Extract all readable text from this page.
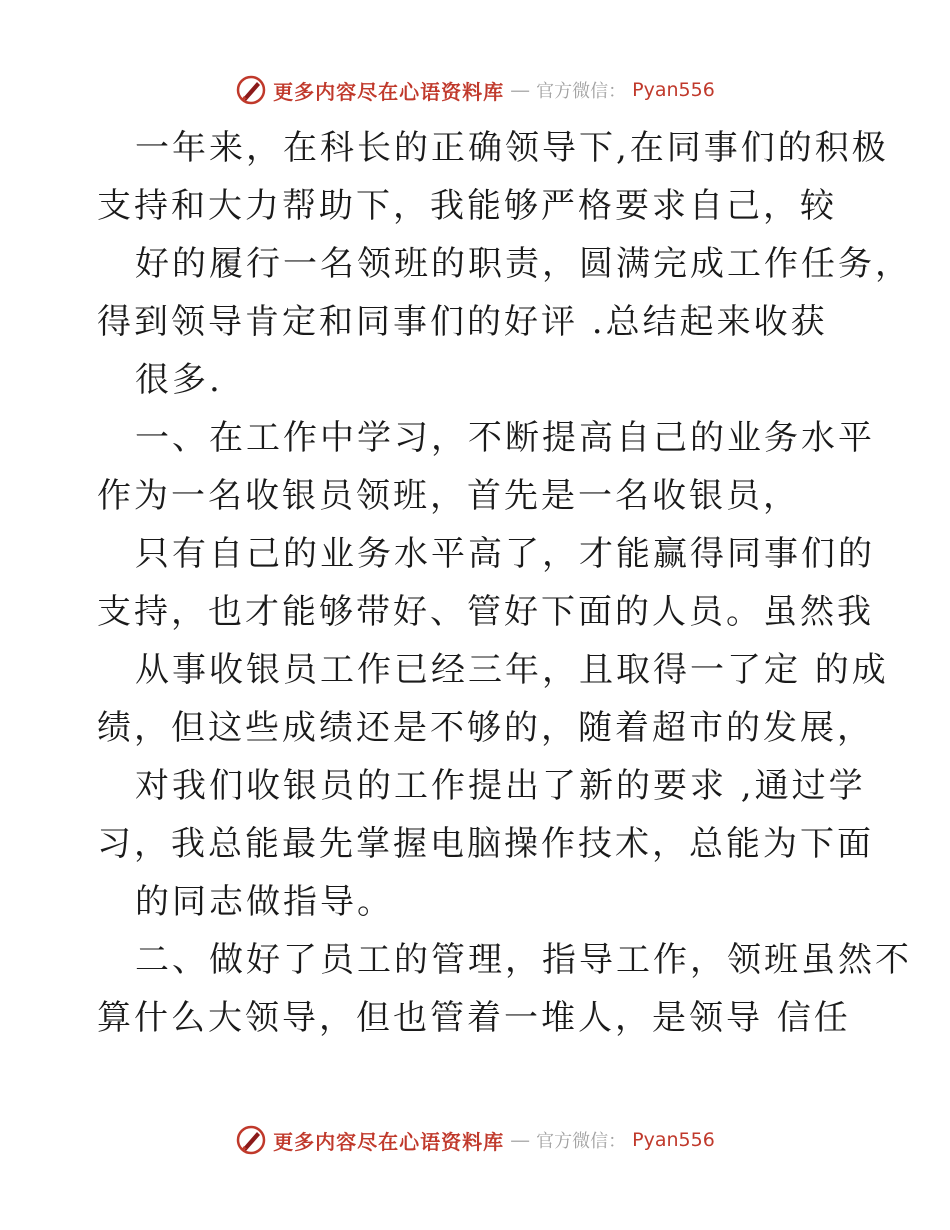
更多内容尽在心语资料库 — 官方微信： Pyan556
一年来，在科长的正确领导下,在同事们的积极
支持和大力帮助下，我能够严格要求自己，较
好的履行一名领班的职责，圆满完成工作任务，
得到领导肯定和同事们的好评 .总结起来收获
很多.
一、在工作中学习，不断提高自己的业务水平
作为一名收银员领班，首先是一名收银员，
只有自己的业务水平高了，才能赢得同事们的
支持，也才能够带好、管好下面的人员。虽然我
从事收银员工作已经三年，且取得一了定 的成
绩，但这些成绩还是不够的，随着超市的发展，
对我们收银员的工作提出了新的要求 ,通过学
习，我总能最先掌握电脑操作技术，总能为下面
的同志做指导。
二、做好了员工的管理，指导工作，领班虽然不
算什么大领导，但也管着一堆人，是领导 信任
更多内容尽在心语资料库 — 官方微信： Pyan556
